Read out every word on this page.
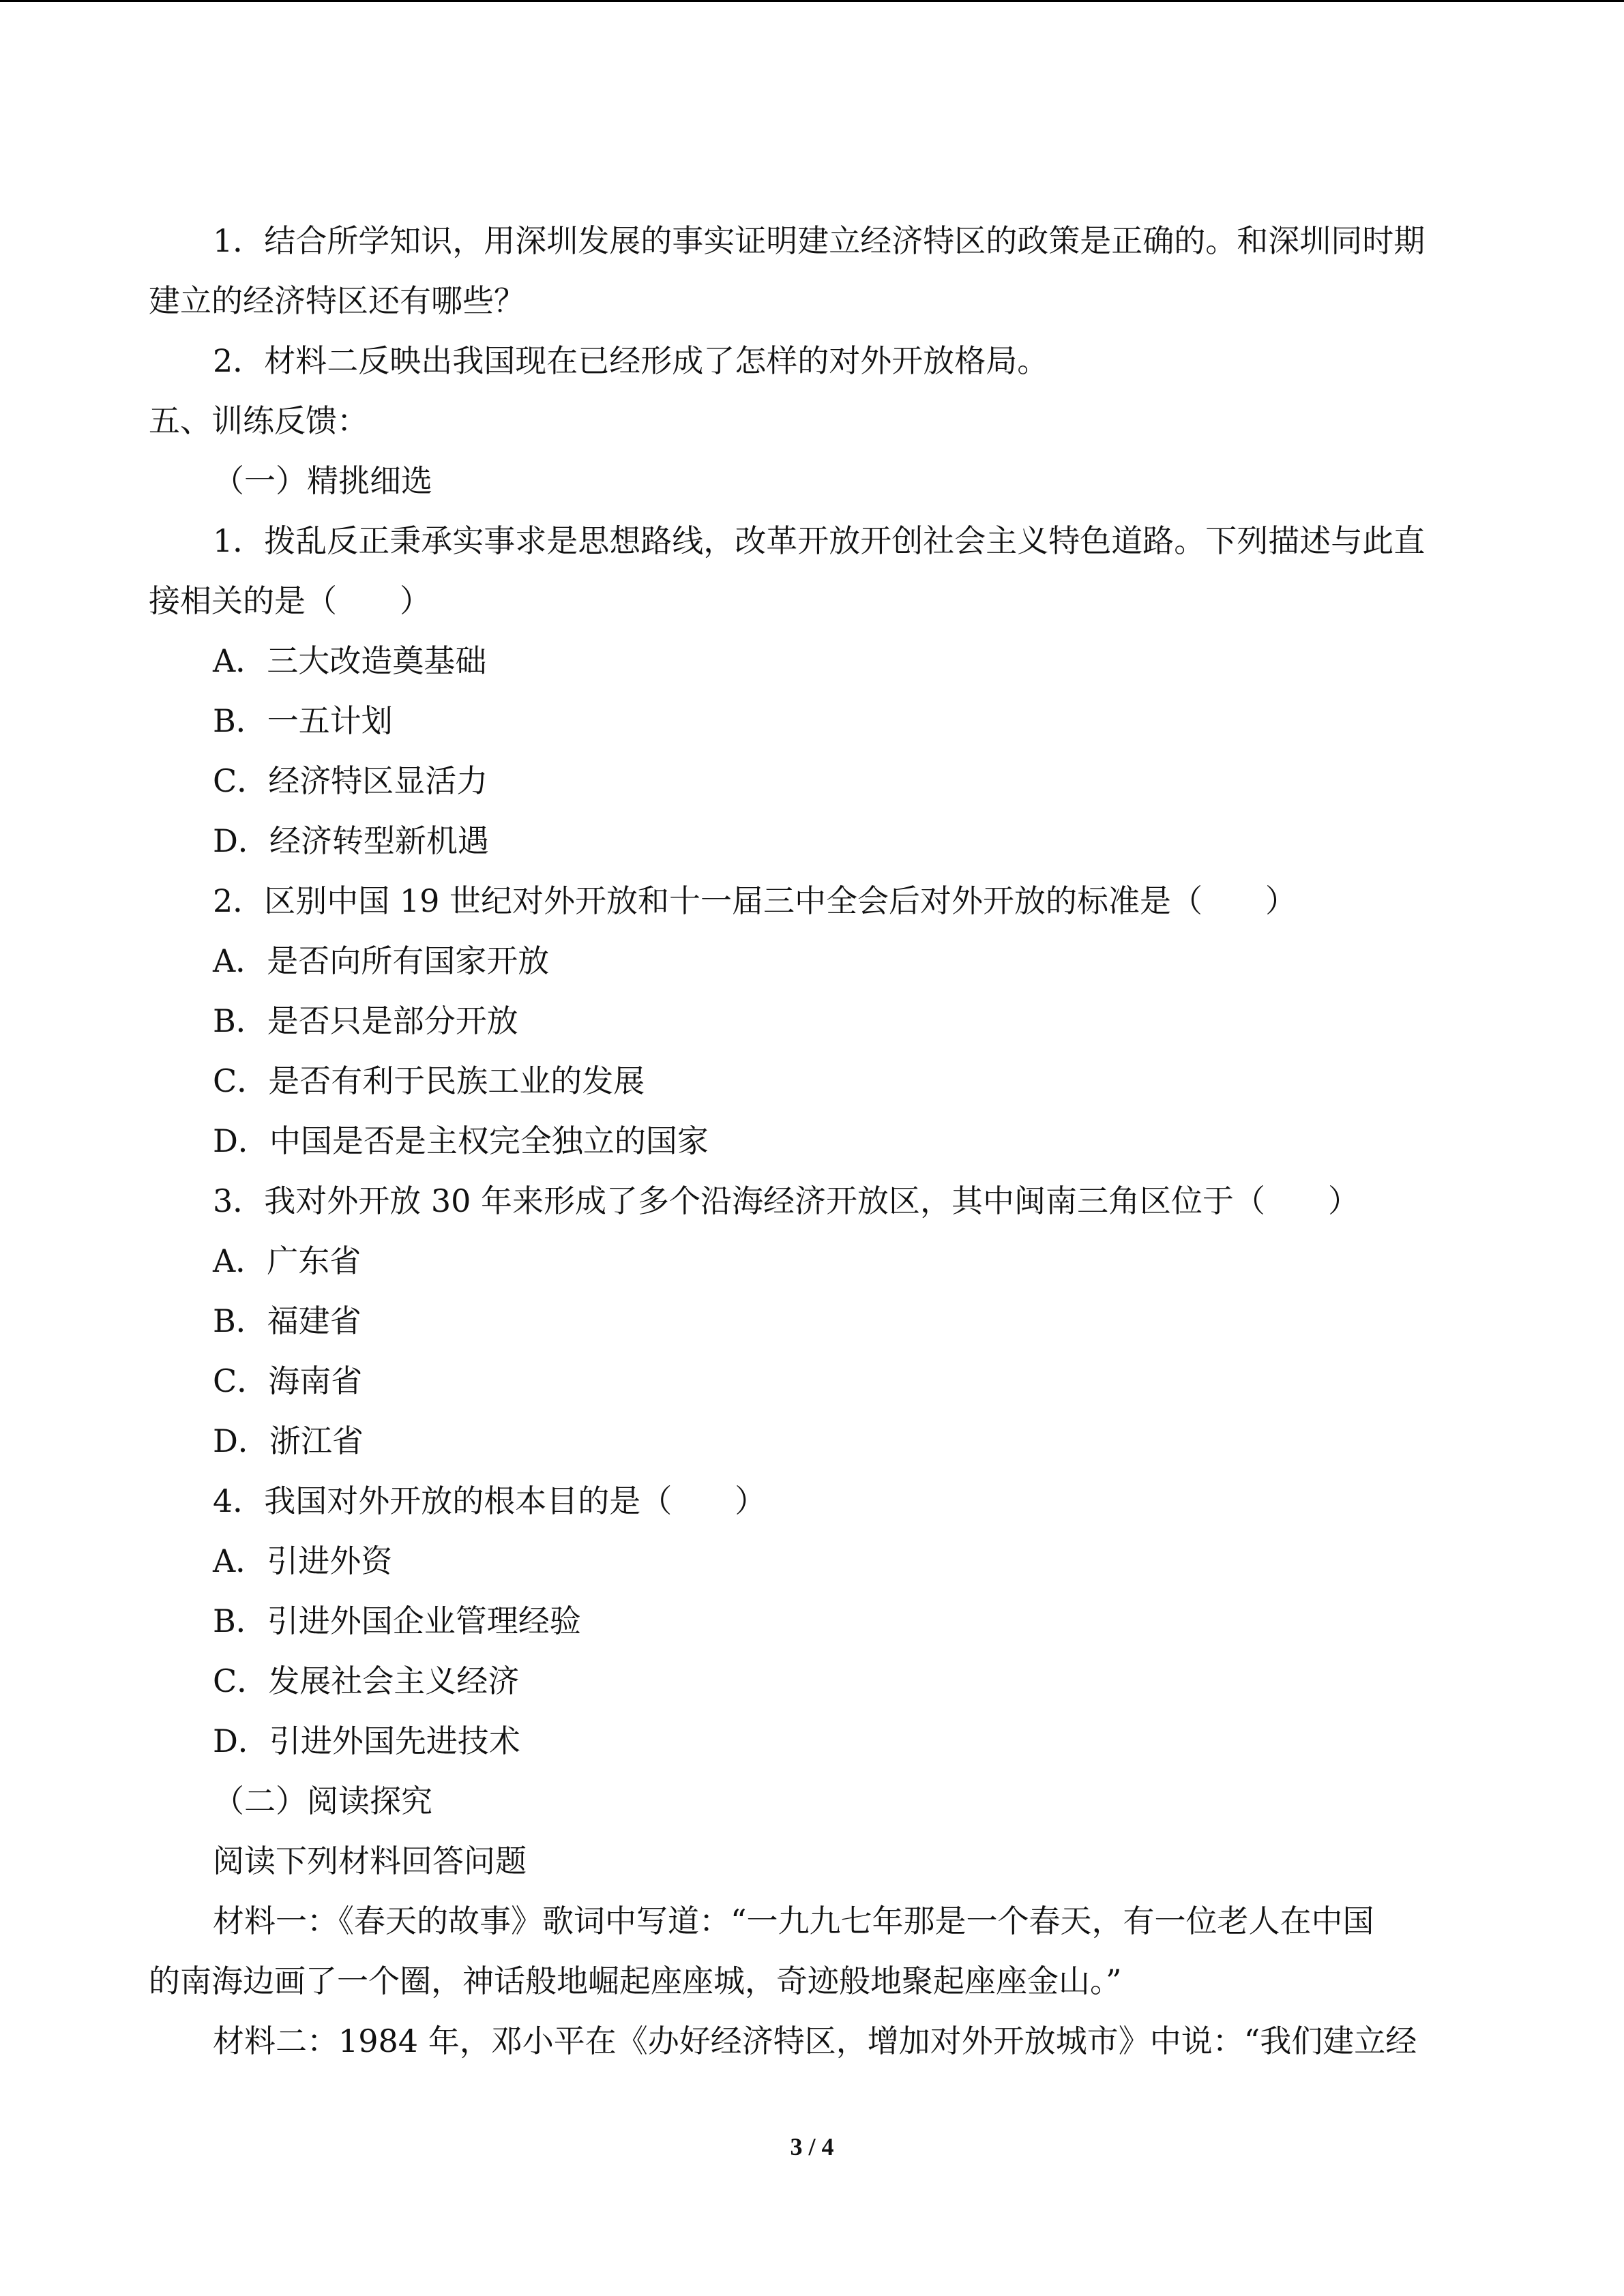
1．结合所学知识，用深圳发展的事实证明建立经济特区的政策是正确的。和深圳同时期
建立的经济特区还有哪些？
2．材料二反映出我国现在已经形成了怎样的对外开放格局。
五、训练反馈：
（一）精挑细选
1．拨乱反正秉承实事求是思想路线，改革开放开创社会主义特色道路。下列描述与此直
接相关的是（　　）
A．三大改造奠基础
B．一五计划
C．经济特区显活力
D．经济转型新机遇
2．区别中国 19 世纪对外开放和十一届三中全会后对外开放的标准是（　　）
A．是否向所有国家开放
B．是否只是部分开放
C．是否有利于民族工业的发展
D．中国是否是主权完全独立的国家
3．我对外开放 30 年来形成了多个沿海经济开放区，其中闽南三角区位于（　　）
A．广东省
B．福建省
C．海南省
D．浙江省
4．我国对外开放的根本目的是（　　）
A．引进外资
B．引进外国企业管理经验
C．发展社会主义经济
D．引进外国先进技术
（二）阅读探究
阅读下列材料回答问题
材料一：《春天的故事》歌词中写道：“一九九七年那是一个春天，有一位老人在中国
的南海边画了一个圈，神话般地崛起座座城，奇迹般地聚起座座金山。”
材料二：1984 年，邓小平在《办好经济特区，增加对外开放城市》中说：“我们建立经
3 / 4
